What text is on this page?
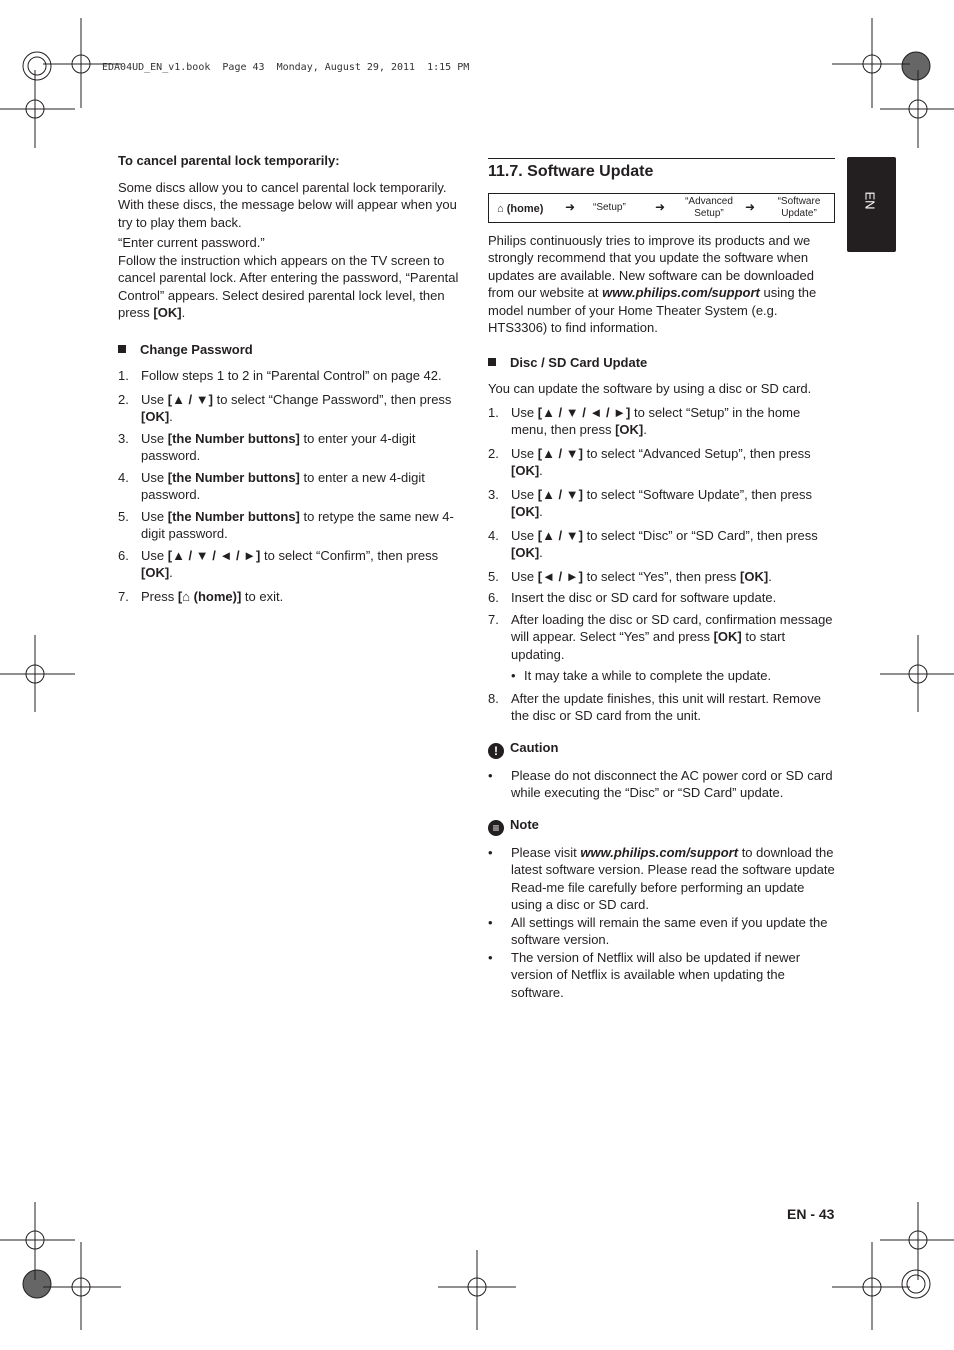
EDA04UD_EN_v1.book  Page 43  Monday, August 29, 2011  1:15 PM
EN

To cancel parental lock temporarily:

Some discs allow you to cancel parental lock temporarily. With these discs, the message below will appear when you try to play them back.

“Enter current password.”

Follow the instruction which appears on the TV screen to cancel parental lock. After entering the password, “Parental Control” appears. Select desired parental lock level, then press [OK].

Change Password

1. Follow steps 1 to 2 in “Parental Control” on page 42.
2. Use [▲ / ▼] to select “Change Password”, then press [OK].
3. Use [the Number buttons] to enter your 4-digit password.
4. Use [the Number buttons] to enter a new 4-digit password.
5. Use [the Number buttons] to retype the same new 4-digit password.
6. Use [▲ / ▼ / ◄ / ►] to select “Confirm”, then press [OK].
7. Press [⌂ (home)] to exit.
11.7. Software Update
⌂ (home) ➜ “Setup” ➜	“Advanced
Setup”	➜	“Software
Update”

Philips continuously tries to improve its products and we strongly recommend that you update the software when updates are available. New software can be downloaded from our website at www.philips.com/support using the model number of your Home Theater System (e.g. HTS3306) to find information.

Disc / SD Card Update

You can update the software by using a disc or SD card.

1. Use [▲ / ▼ / ◄ / ►] to select “Setup” in the home menu, then press [OK].
2. Use [▲ / ▼] to select “Advanced Setup”, then press [OK].
3. Use [▲ / ▼] to select “Software Update”, then press [OK].
4. Use [▲ / ▼] to select “Disc” or “SD Card”, then press [OK].
5. Use [◄ / ►] to select “Yes”, then press [OK].
6. Insert the disc or SD card for software update.
7. After loading the disc or SD card, confirmation message will appear. Select “Yes” and press [OK] to start updating.
• It may take a while to complete the update.
8. After the update finishes, this unit will restart. Remove the disc or SD card from the unit.

! Caution

• Please do not disconnect the AC power cord or SD card while executing the “Disc” or “SD Card” update.

≡ Note

• Please visit www.philips.com/support to download the latest software version. Please read the software update Read-me file carefully before performing an update using a disc or SD card.
• All settings will remain the same even if you update the software version.
• The version of Netflix will also be updated if newer version of Netflix is available when updating the software.
EN - 43
